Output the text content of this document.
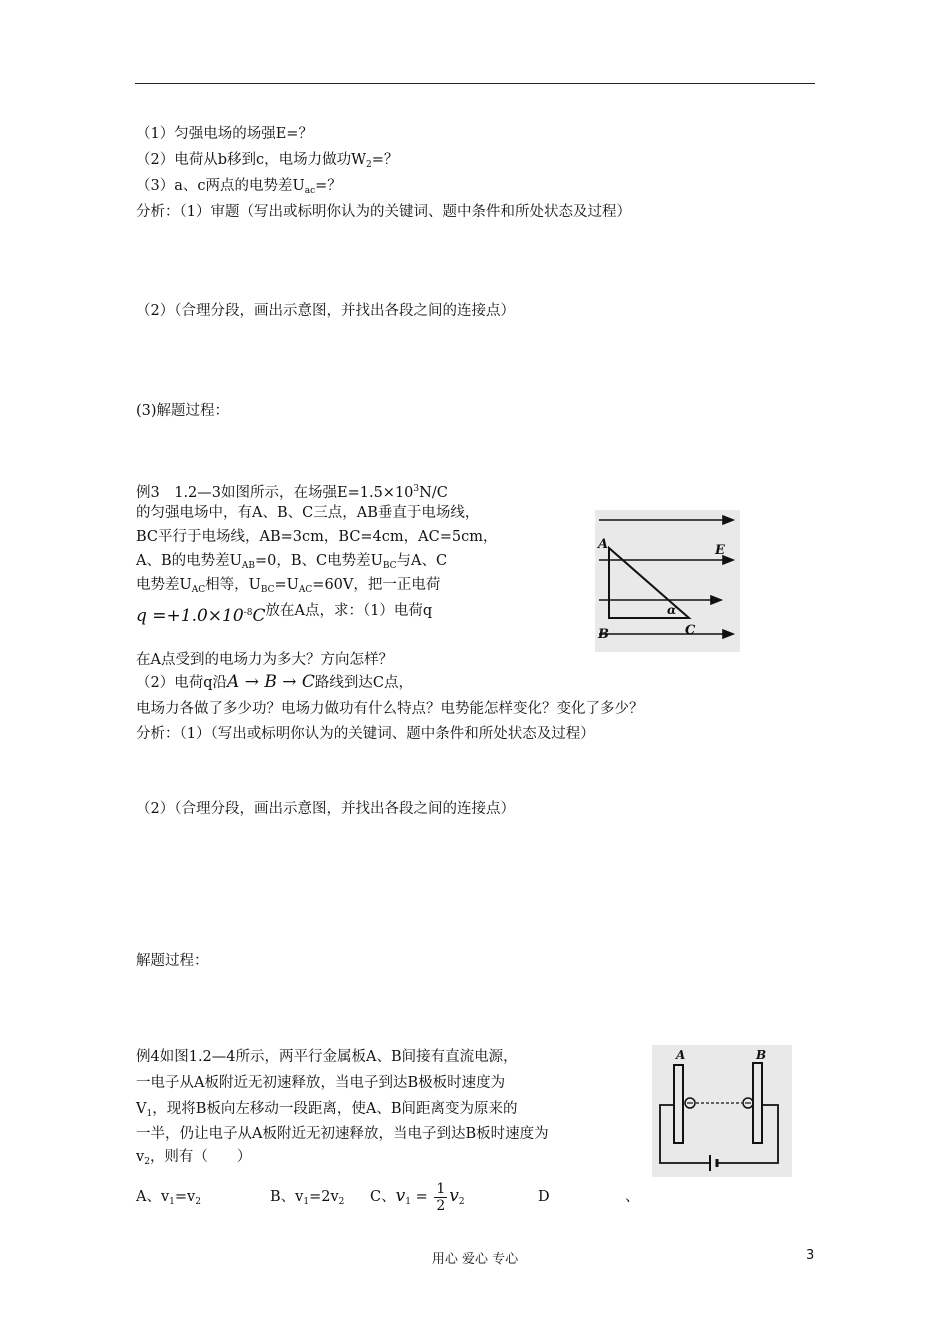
（1）匀强电场的场强E=？
（2）电荷从b移到c，电场力做功$W_2=$？
（3）a、c两点的电势差$U_{ac}=$？
分析：（1）审题（写出或标明你认为的关键词、题中条件和所处状态及过程）
（2）（合理分段，画出示意图，并找出各段之间的连接点）
(3)解题过程：
例3　1.2—3如图所示，在场强$E=1.5\times 10^3N/C$
的匀强电场中，有A、B、C三点，AB垂直于电场线，
BC平行于电场线，AB=3cm，BC=4cm，AC=5cm，
A、B的电势差$U_{AB}=0$，B、C电势差$U_{BC}$与A、C
电势差$U_{AC}$相等，$U_{BC}=U_{AC}=60V$，把一正电荷
$q =+1.0\times 10^{-8}C$放在A点，求：（1）电荷q
在A点受到的电场力为多大？方向怎样？
（2）电荷q沿A → B → C路线到达C点，
电场力各做了多少功？电场力做功有什么特点？电势能怎样变化？变化了多少？
分析：（1）（写出或标明你认为的关键词、题中条件和所处状态及过程）
（2）（合理分段，画出示意图，并找出各段之间的连接点）
解题过程：
A
B	C
E
α
例4如图1.2—4所示，两平行金属板A、B间接有直流电源，
一电子从A板附近无初速释放，当电子到达B极板时速度为
$V_1$，现将B板向左移动一段距离，使A、B间距离变为原来的
一半，仍让电子从A板附近无初速释放，当电子到达B板时速度为
$v_2$，则有（　　）
A、$v_1=v_2$	B、$v_1=2v_2$ C、$v_1 = \frac{1}{2} v_2$	D	、
A	B
用心 爱心 专心	3
